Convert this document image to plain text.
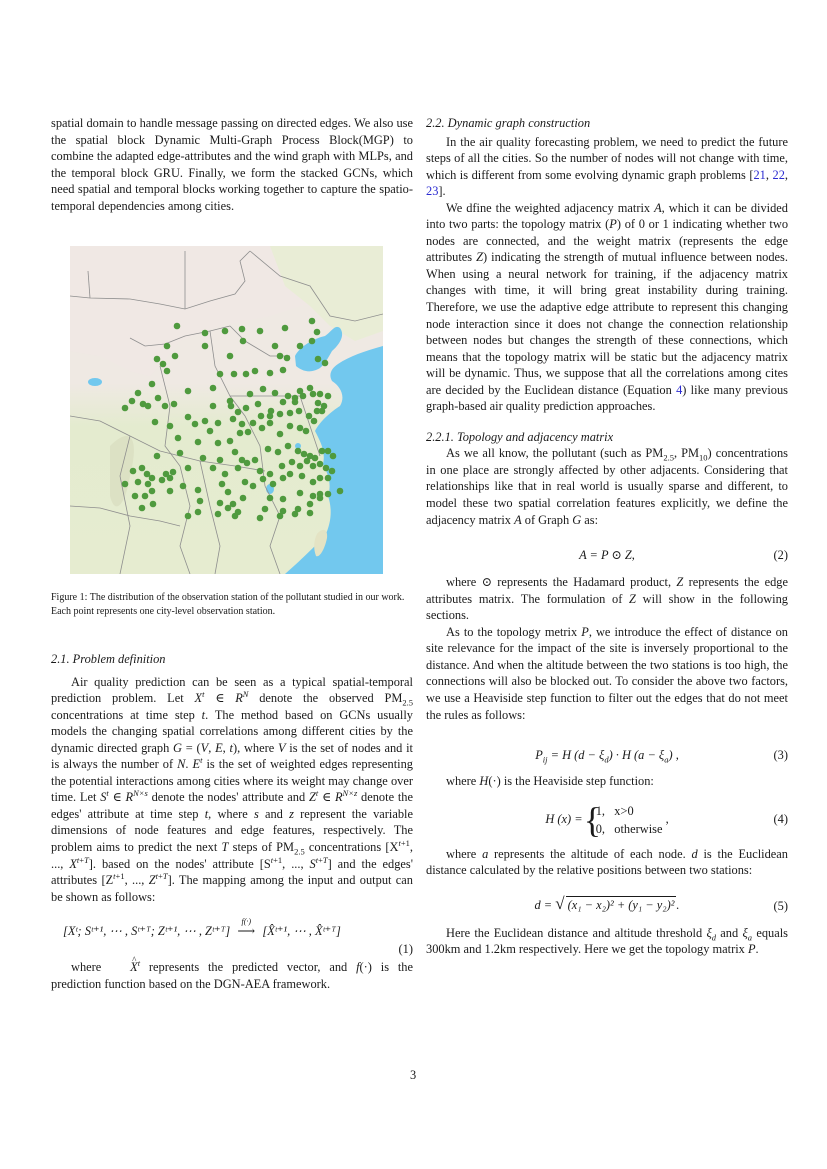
spatial domain to handle message passing on directed edges. We also use the spatial block Dynamic Multi-Graph Process Block(MGP) to combine the adapted edge-attributes and the wind graph with MLPs, and the temporal block GRU. Finally, we form the stacked GCNs, which need spatial and temporal blocks working together to capture the spatio-temporal dependencies among cities.

Figure 1: The distribution of the observation station of the pollutant studied in our work. Each point represents one city-level observation station.

2.1. Problem definition

Air quality prediction can be seen as a typical spatial-temporal prediction problem. Let $X^t$ ∈ $R^N$ denote the observed $PM_{2.5}$ concentrations at time step t. The method based on GCNs usually models the changing spatial correlations among different cities by the dynamic directed graph G = (V, E, t), where V is the set of nodes and it is always the number of N. $E^t$ is the set of weighted edges representing the potential interactions among cities where its weight may change over time. Let $S^t$ ∈ $R^{N\times s}$ denote the nodes' attribute and $Z^t$ ∈ $R^{N\times z}$ denote the edges' attribute at time step t, where s and z represent the variable dimensions of node features and edge features, respectively. The problem aims to predict the next T steps of $PM_{2.5}$ concentrations [$X^{t+1}$, ..., $X^{t+T}$]. based on the nodes' attribute [$S^{t+1}$, ..., $S^{t+T}$] and the edges' attributes [$Z^{t+1}$, ..., $Z^{t+T}$]. The mapping among the input and output can be shown as follows:

[Xᵗ; Sᵗ⁺¹, ⋯ , Sᵗ⁺ᵀ; Zᵗ⁺¹, ⋯ , Zᵗ⁺ᵀ]
f(·)
⟶ [X̂ᵗ⁺¹, ⋯ , X̂ᵗ⁺ᵀ]
(1)

where ^ $X^t$ represents the predicted vector, and f(·) is the prediction function based on the DGN-AEA framework.

2.2. Dynamic graph construction

In the air quality forecasting problem, we need to predict the future steps of all the cities. So the number of nodes will not change with time, which is different from some evolving dynamic graph problems [21, 22, 23].

We dfine the weighted adjacency matrix A, which it can be divided into two parts: the topology matrix (P) of 0 or 1 indicating whether two nodes are connected, and the weight matrix (represents the edge attributes Z) indicating the strength of mutual influence between nodes. When using a neural network for training, if the adjacency matrix changes with time, it will bring great instability during training. Therefore, we use the adaptive edge attribute to represent this changing node interaction since it does not change the connection relationship between nodes but changes the strength of these connections, which means that the topology matrix will be static but the adjacency matrix will be dynamic. Thus, we suppose that all the correlations among cites are decided by the Euclidean distance (Equation 4) like many previous graph-based air quality prediction approaches.

2.2.1. Topology and adjacency matrix

As we all know, the pollutant (such as $PM_{2.5}$, $PM_{10}$) concentrations in one place are strongly affected by other adjacents. Considering that relationships like that in real world is usually sparse and different, to model these two spatial correlation features explicitly, we define the adjacency matrix A of Graph G as:

A = P ⊙ Z,	(2)

where ⊙ represents the Hadamard product, Z represents the edge attributes matrix. The formulation of Z will show in the following sections.

As to the topology metrix P, we introduce the effect of distance on site relevance for the impact of the site is inversely proportional to the distance. And when the altitude between the two stations is too high, the connections will also be blocked out. To consider the above two factors, we use a Heaviside step function to filter out the edges that do not meet the rules as follows:

$P_{ij} = H$ $(d - \xi_d) \cdot H$ $(a - \xi_a)$ ,	(3)

where H(·) is the Heaviside step function:

H (x) = { 1, x>0
0, otherwise ,	(4)

where a represents the altitude of each node. d is the Euclidean distance calculated by the relative positions between two stations:

d = √ (x₁ − x₂)² + (y₁ − y₂)² .	(5)

Here the Euclidean distance and altitude threshold $\xi_d$ and $\xi_a$ equals 300km and 1.2km respectively. Here we get the topology matrix P.

3
